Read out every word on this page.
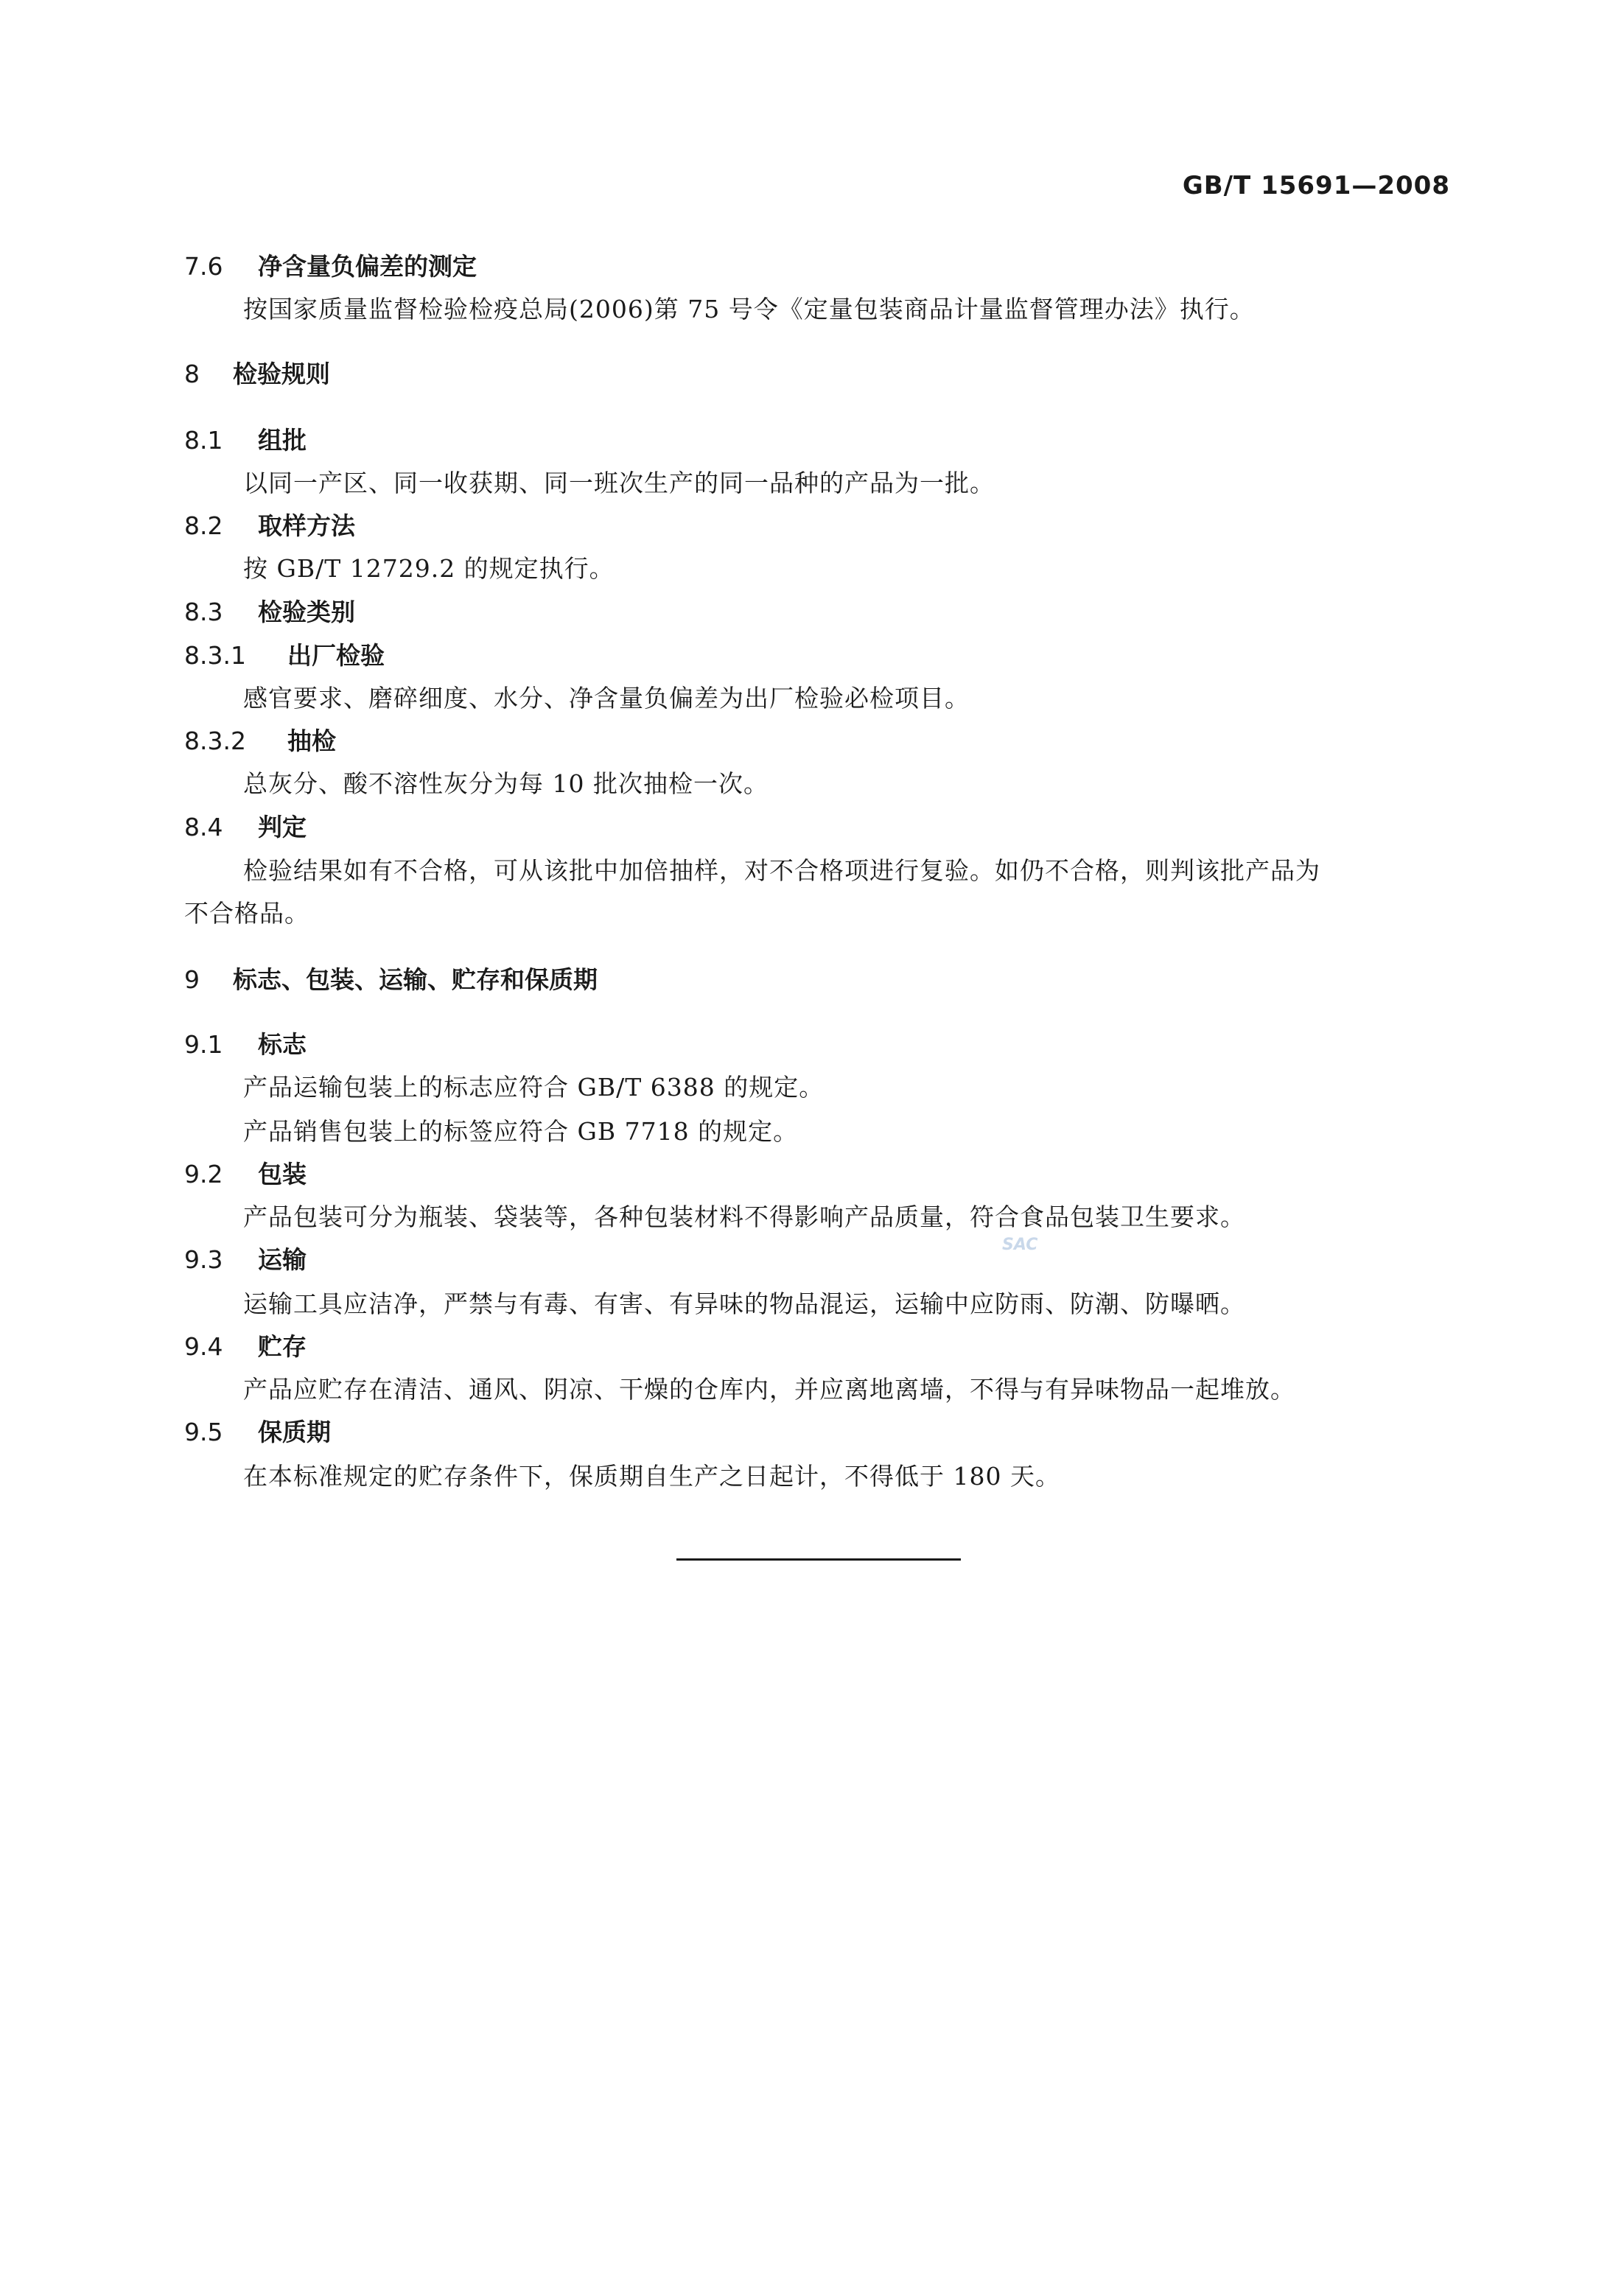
GB/T 15691—2008
7.6 净含量负偏差的测定
按国家质量监督检验检疫总局(2006)第 75 号令《定量包装商品计量监督管理办法》执行。
8 检验规则
8.1 组批
以同一产区、同一收获期、同一班次生产的同一品种的产品为一批。
8.2 取样方法
按 GB/T 12729.2 的规定执行。
8.3 检验类别
8.3.1 出厂检验
感官要求、磨碎细度、水分、净含量负偏差为出厂检验必检项目。
8.3.2 抽检
总灰分、酸不溶性灰分为每 10 批次抽检一次。
8.4 判定
检验结果如有不合格，可从该批中加倍抽样，对不合格项进行复验。如仍不合格，则判该批产品为
不合格品。
9 标志、包装、运输、贮存和保质期
9.1 标志
产品运输包装上的标志应符合 GB/T 6388 的规定。
产品销售包装上的标签应符合 GB 7718 的规定。
9.2 包装
产品包装可分为瓶装、袋装等，各种包装材料不得影响产品质量，符合食品包装卫生要求。
9.3 运输
运输工具应洁净，严禁与有毒、有害、有异味的物品混运，运输中应防雨、防潮、防曝晒。
9.4 贮存
产品应贮存在清洁、通风、阴凉、干燥的仓库内，并应离地离墙，不得与有异味物品一起堆放。
9.5 保质期
在本标准规定的贮存条件下，保质期自生产之日起计，不得低于 180 天。
SAC
